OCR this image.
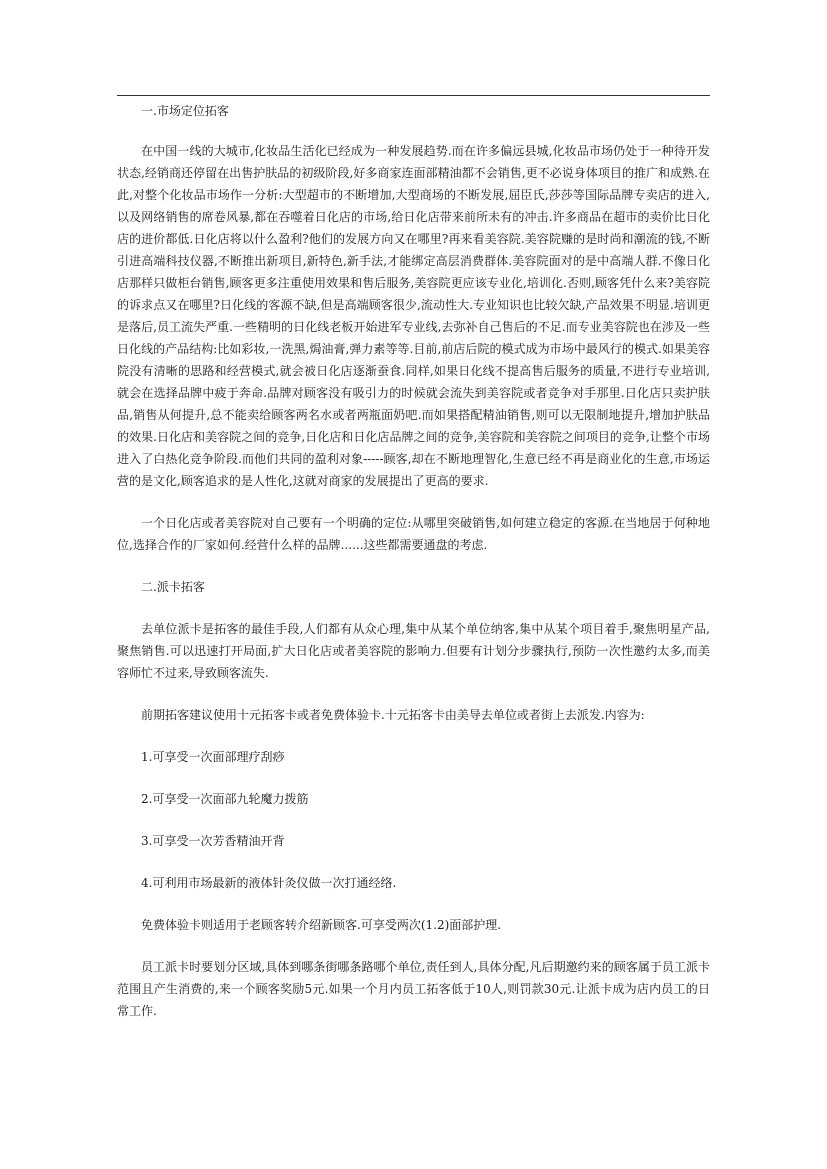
一.市场定位拓客

在中国一线的大城市,化妆品生活化已经成为一种发展趋势.而在许多偏远县城,化妆品市场仍处于一种待开发状态,经销商还停留在出售护肤品的初级阶段,好多商家连面部精油都不会销售,更不必说身体项目的推广和成熟.在此,对整个化妆品市场作一分析:大型超市的不断增加,大型商场的不断发展,屈臣氏,莎莎等国际品牌专卖店的进入,以及网络销售的席卷风暴,都在吞噬着日化店的市场,给日化店带来前所未有的冲击.许多商品在超市的卖价比日化店的进价都低.日化店将以什么盈利?他们的发展方向又在哪里?再来看美容院.美容院赚的是时尚和潮流的钱,不断引进高端科技仪器,不断推出新项目,新特色,新手法,才能绑定高层消费群体.美容院面对的是中高端人群.不像日化店那样只做柜台销售,顾客更多注重使用效果和售后服务,美容院更应该专业化,培训化.否则,顾客凭什么来?美容院的诉求点又在哪里?日化线的客源不缺,但是高端顾客很少,流动性大.专业知识也比较欠缺,产品效果不明显.培训更是落后,员工流失严重.一些精明的日化线老板开始进军专业线,去弥补自己售后的不足.而专业美容院也在涉及一些日化线的产品结构:比如彩妆,一洗黑,焗油膏,弹力素等等.目前,前店后院的模式成为市场中最风行的模式.如果美容院没有清晰的思路和经营模式,就会被日化店逐渐蚕食.同样,如果日化线不提高售后服务的质量,不进行专业培训,就会在选择品牌中疲于奔命.品牌对顾客没有吸引力的时候就会流失到美容院或者竞争对手那里.日化店只卖护肤品,销售从何提升,总不能卖给顾客两名水或者两瓶面奶吧.而如果搭配精油销售,则可以无限制地提升,增加护肤品的效果.日化店和美容院之间的竞争,日化店和日化店品牌之间的竞争,美容院和美容院之间项目的竞争,让整个市场进入了白热化竞争阶段.而他们共同的盈利对象-----顾客,却在不断地理智化,生意已经不再是商业化的生意,市场运营的是文化,顾客追求的是人性化,这就对商家的发展提出了更高的要求.

一个日化店或者美容院对自己要有一个明确的定位:从哪里突破销售,如何建立稳定的客源.在当地居于何种地位,选择合作的厂家如何.经营什么样的品牌......这些都需要通盘的考虑.

二.派卡拓客

去单位派卡是拓客的最佳手段,人们都有从众心理,集中从某个单位纳客,集中从某个项目着手,聚焦明星产品,聚焦销售.可以迅速打开局面,扩大日化店或者美容院的影响力.但要有计划分步骤执行,预防一次性邀约太多,而美容师忙不过来,导致顾客流失.

前期拓客建议使用十元拓客卡或者免费体验卡.十元拓客卡由美导去单位或者街上去派发.内容为:

1.可享受一次面部理疗刮痧

2.可享受一次面部九轮魔力拨筋

3.可享受一次芳香精油开背

4.可利用市场最新的液体针灸仪做一次打通经络.

免费体验卡则适用于老顾客转介绍新顾客.可享受两次(1.2)面部护理.

员工派卡时要划分区域,具体到哪条街哪条路哪个单位,责任到人,具体分配,凡后期邀约来的顾客属于员工派卡范围且产生消费的,来一个顾客奖励5元.如果一个月内员工拓客低于10人,则罚款30元.让派卡成为店内员工的日常工作.
